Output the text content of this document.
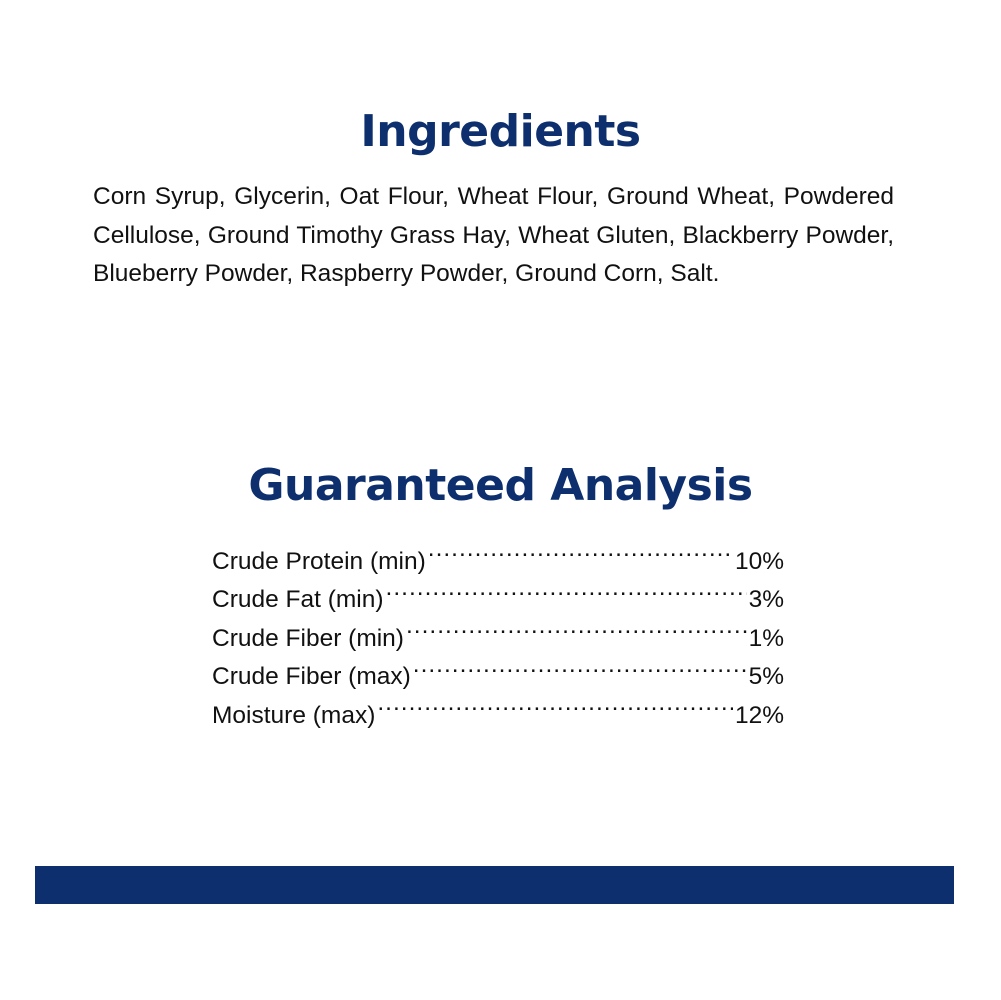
Ingredients

Corn Syrup, Glycerin, Oat Flour, Wheat Flour, Ground Wheat, Powdered Cellulose, Ground Timothy Grass Hay, Wheat Gluten, Blackberry Powder, Blueberry Powder, Raspberry Powder, Ground Corn, Salt.

Guaranteed Analysis
Crude Protein (min) .....	10%
Crude Fat (min) .....	3%
Crude Fiber (min) .....	1%
Crude Fiber (max) .....	5%
Moisture (max) .....	12%
